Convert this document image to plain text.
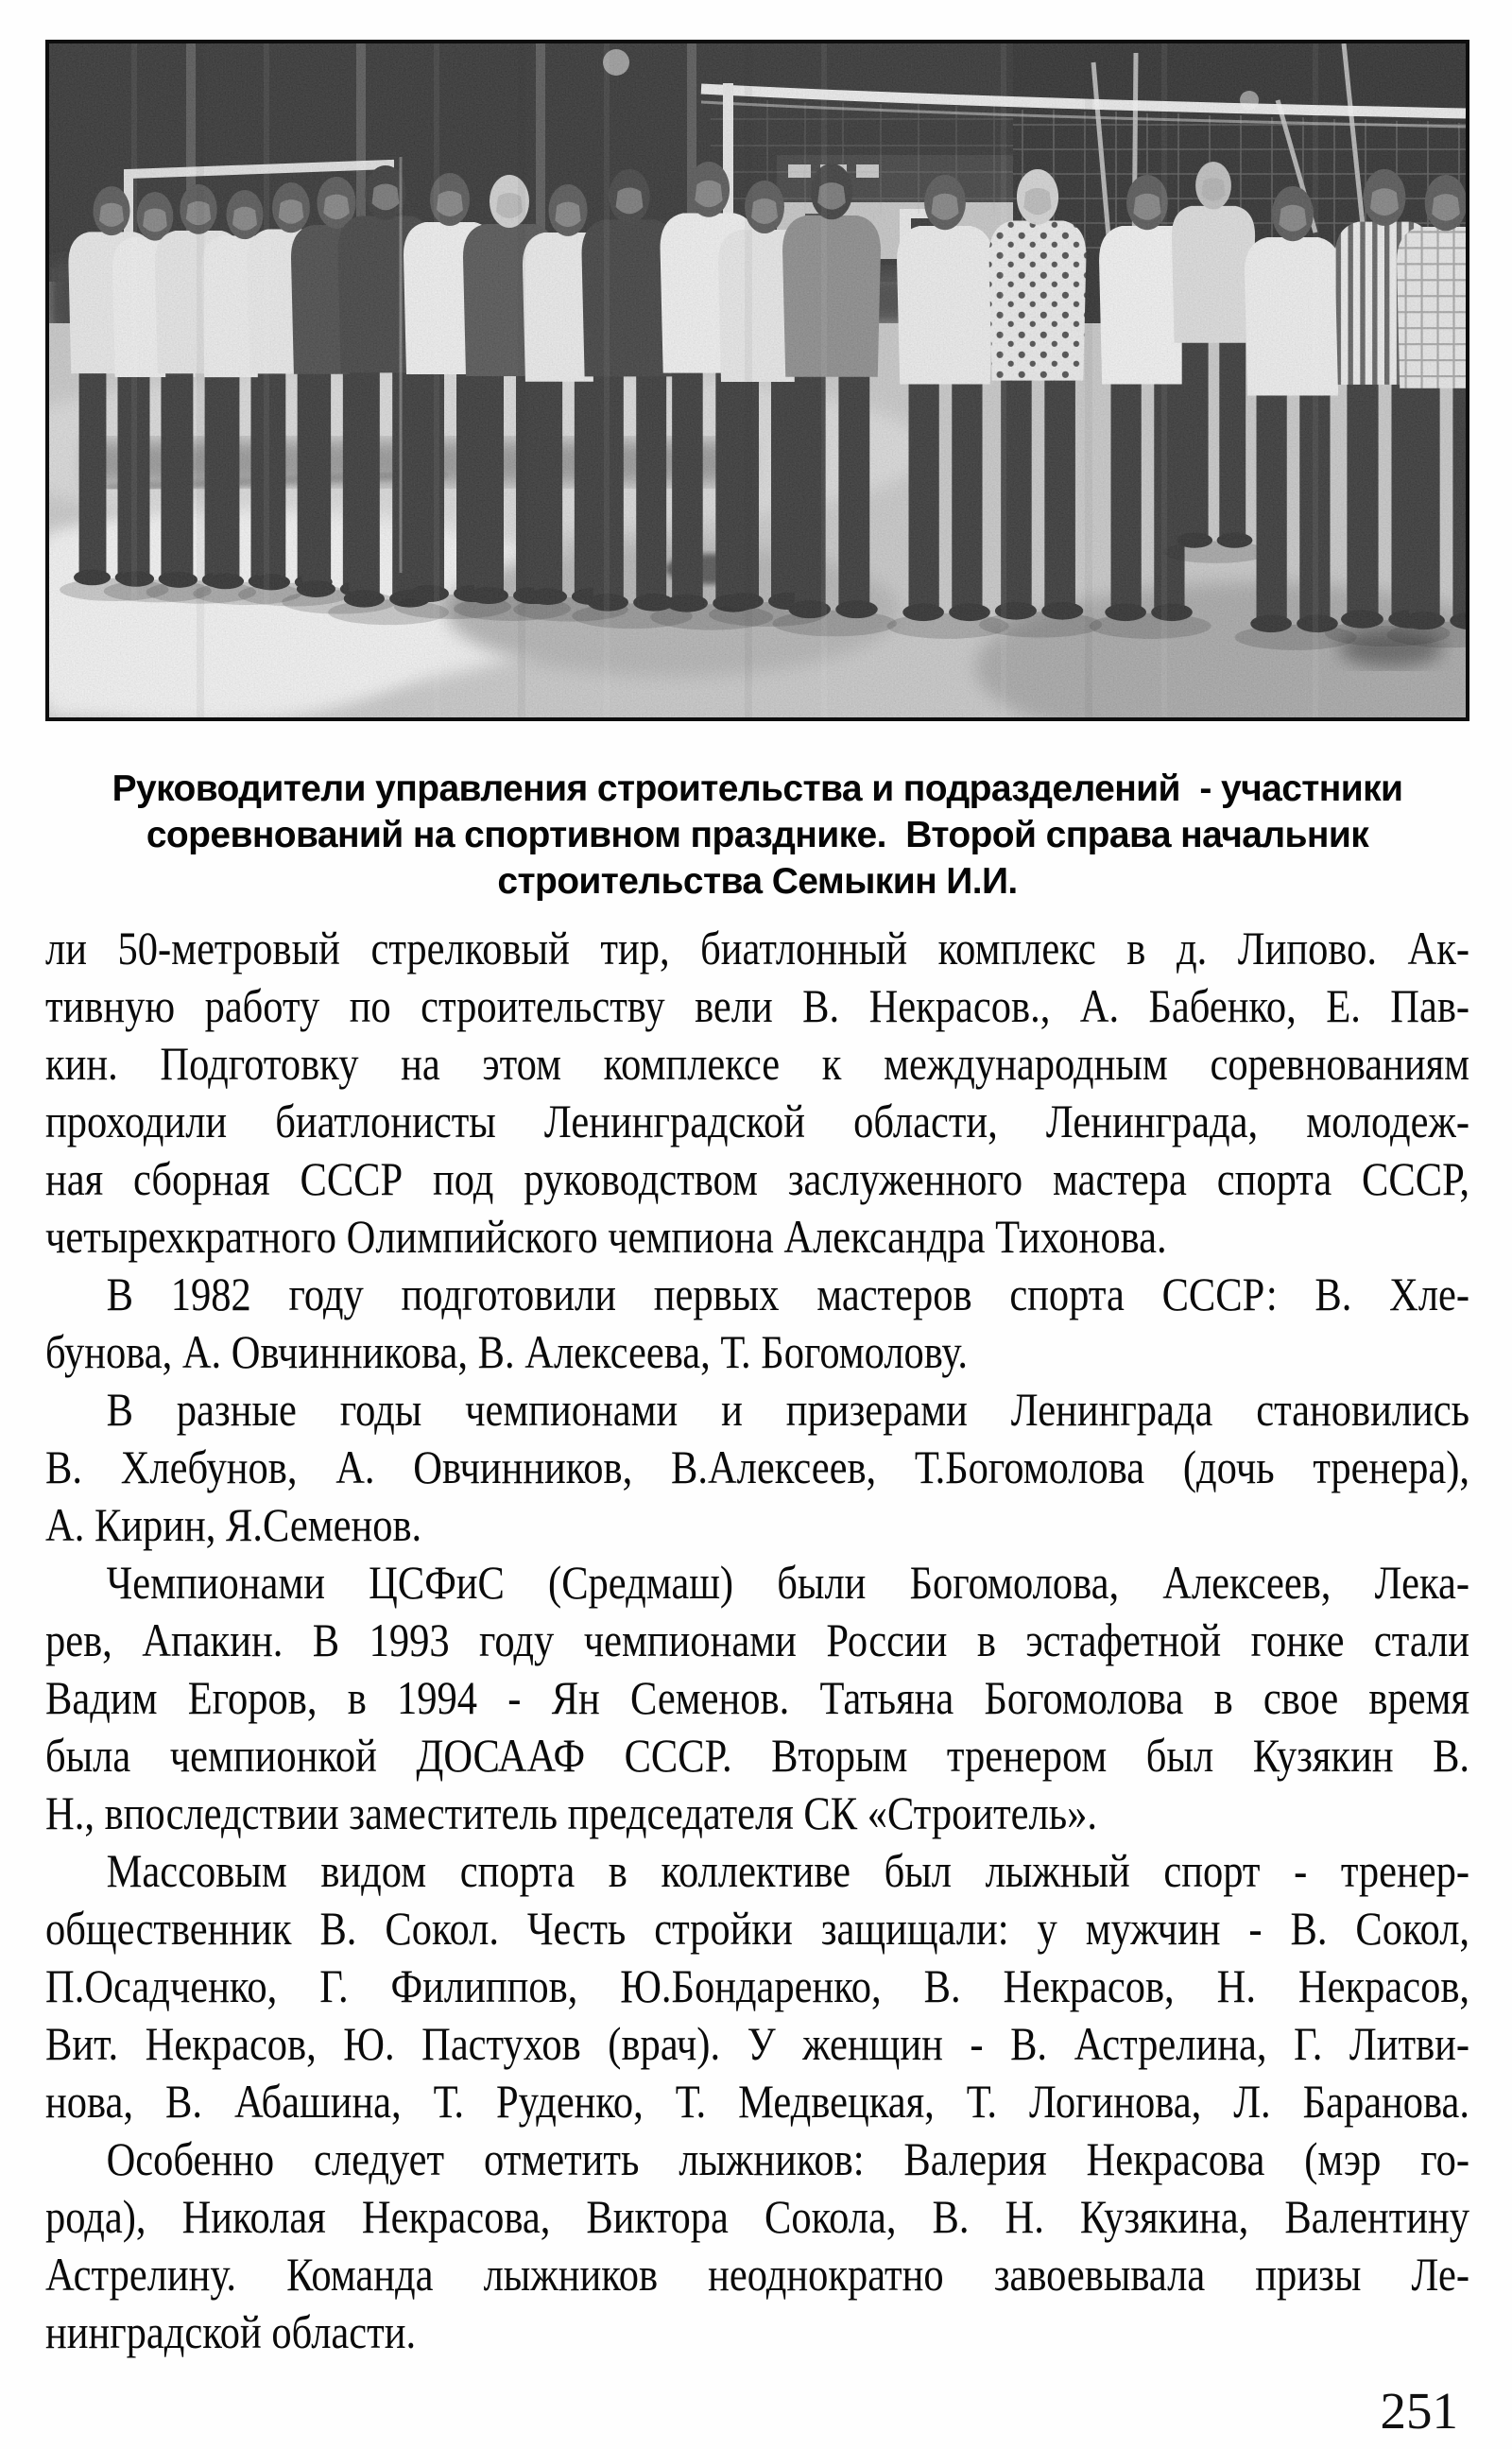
Руководители управления строительства и подразделений  - участники
соревнований на спортивном празднике.  Второй справа начальник
строительства Семыкин И.И.
ли 50-метровый стрелковый тир, биатлонный комплекс в д. Липово. Ак-
тивную работу по строительству вели В. Некрасов., А. Бабенко, Е. Пав-
кин. Подготовку на этом комплексе к международным соревнованиям
проходили биатлонисты Ленинградской области, Ленинграда, молодеж-
ная сборная СССР под руководством заслуженного мастера спорта СССР,
четырехкратного Олимпийского чемпиона Александра Тихонова.
В 1982 году подготовили первых мастеров спорта СССР: В. Хле-
бунова, А. Овчинникова, В. Алексеева, Т. Богомолову.
В разные годы чемпионами и призерами Ленинграда становились
В. Хлебунов, А. Овчинников, В.Алексеев, Т.Богомолова (дочь тренера),
А. Кирин, Я.Семенов.
Чемпионами ЦСФиС (Средмаш) были Богомолова, Алексеев, Лека-
рев, Апакин. В 1993 году чемпионами России в эстафетной гонке стали
Вадим Егоров, в 1994 - Ян Семенов. Татьяна Богомолова в свое время
была чемпионкой ДОСААФ СССР. Вторым тренером был Кузякин В.
Н., впоследствии заместитель председателя СК «Строитель».
Массовым видом спорта в коллективе был лыжный спорт - тренер-
общественник В. Сокол. Честь стройки защищали: у мужчин - В. Сокол,
П.Осадченко, Г. Филиппов, Ю.Бондаренко, В. Некрасов, Н. Некрасов,
Вит. Некрасов, Ю. Пастухов (врач). У женщин - В. Астрелина, Г. Литви-
нова, В. Абашина, Т. Руденко, Т. Медвецкая, Т. Логинова, Л. Баранова.
Особенно следует отметить лыжников: Валерия Некрасова (мэр го-
рода), Николая Некрасова, Виктора Сокола, В. Н. Кузякина, Валентину
Астрелину. Команда лыжников неоднократно завоевывала призы Ле-
нинградской области.
251
